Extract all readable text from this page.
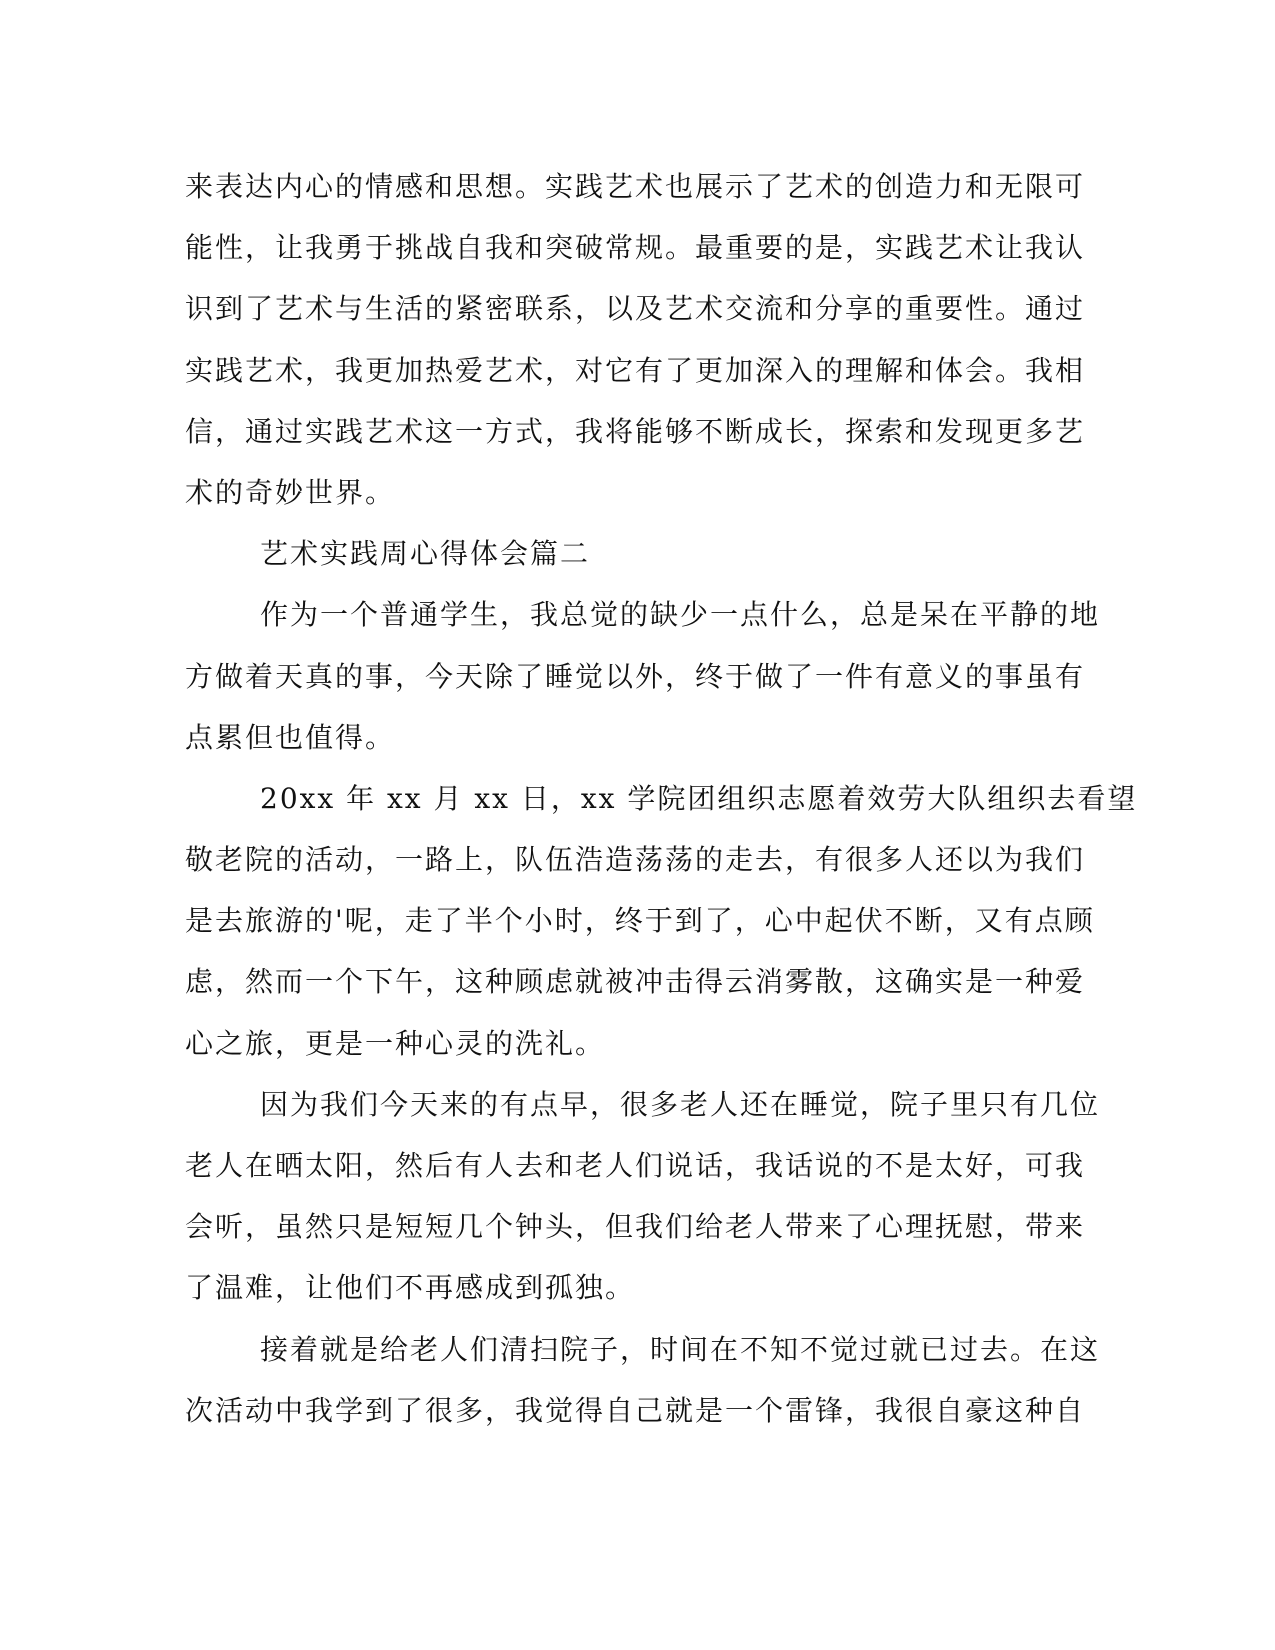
来表达内心的情感和思想。实践艺术也展示了艺术的创造力和无限可
能性，让我勇于挑战自我和突破常规。最重要的是，实践艺术让我认
识到了艺术与生活的紧密联系，以及艺术交流和分享的重要性。通过
实践艺术，我更加热爱艺术，对它有了更加深入的理解和体会。我相
信，通过实践艺术这一方式，我将能够不断成长，探索和发现更多艺
术的奇妙世界。
艺术实践周心得体会篇二
作为一个普通学生，我总觉的缺少一点什么，总是呆在平静的地
方做着天真的事，今天除了睡觉以外，终于做了一件有意义的事虽有
点累但也值得。
20xx 年 xx 月 xx 日，xx 学院团组织志愿着效劳大队组织去看望
敬老院的活动，一路上，队伍浩造荡荡的走去，有很多人还以为我们
是去旅游的'呢，走了半个小时，终于到了，心中起伏不断，又有点顾
虑，然而一个下午，这种顾虑就被冲击得云消雾散，这确实是一种爱
心之旅，更是一种心灵的洗礼。
因为我们今天来的有点早，很多老人还在睡觉，院子里只有几位
老人在晒太阳，然后有人去和老人们说话，我话说的不是太好，可我
会听，虽然只是短短几个钟头，但我们给老人带来了心理抚慰，带来
了温难，让他们不再感成到孤独。
接着就是给老人们清扫院子，时间在不知不觉过就已过去。在这
次活动中我学到了很多，我觉得自己就是一个雷锋，我很自豪这种自
